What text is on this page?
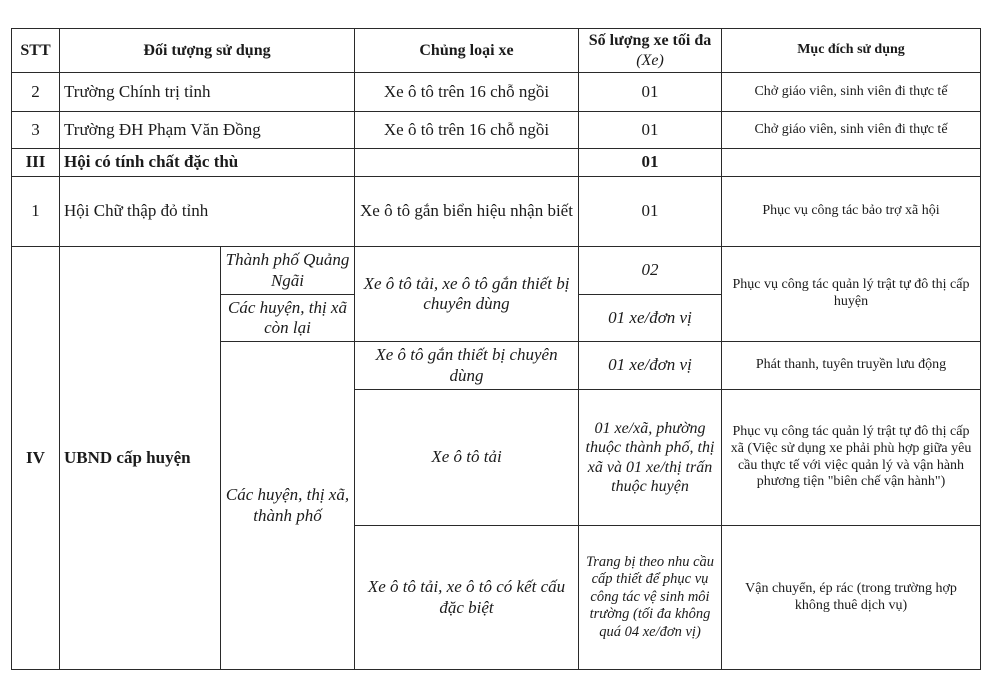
STT	Đối tượng sử dụng		Chủng loại xe	Số lượng xe tối đa (Xe)	Mục đích sử dụng
2	Trường Chính trị tỉnh		Xe ô tô trên 16 chỗ ngồi	01	Chở giáo viên, sinh viên đi thực tế
3	Trường ĐH Phạm Văn Đồng		Xe ô tô trên 16 chỗ ngồi	01	Chở giáo viên, sinh viên đi thực tế
III	Hội có tính chất đặc thù			01	
1	Hội Chữ thập đỏ tỉnh		Xe ô tô gắn biển hiệu nhận biết	01	Phục vụ công tác bảo trợ xã hội
IV	UBND cấp huyện	Thành phố Quảng Ngãi	Xe ô tô tải, xe ô tô gắn thiết bị chuyên dùng	02	Phục vụ công tác quản lý trật tự đô thị cấp huyện
		Các huyện, thị xã còn lại		01 xe/đơn vị	
		Các huyện, thị xã, thành phố	Xe ô tô gắn thiết bị chuyên dùng	01 xe/đơn vị	Phát thanh, tuyên truyền lưu động
			Xe ô tô tải	01 xe/xã, phường thuộc thành phố, thị xã và 01 xe/thị trấn thuộc huyện	Phục vụ công tác quản lý trật tự đô thị cấp xã (Việc sử dụng xe phải phù hợp giữa yêu cầu thực tế với việc quản lý và vận hành phương tiện "biên chế vận hành")
			Xe ô tô tải, xe ô tô có kết cấu đặc biệt	Trang bị theo nhu cầu cấp thiết để phục vụ công tác vệ sinh môi trường (tối đa không quá 04 xe/đơn vị)	Vận chuyển, ép rác (trong trường hợp không thuê dịch vụ)
